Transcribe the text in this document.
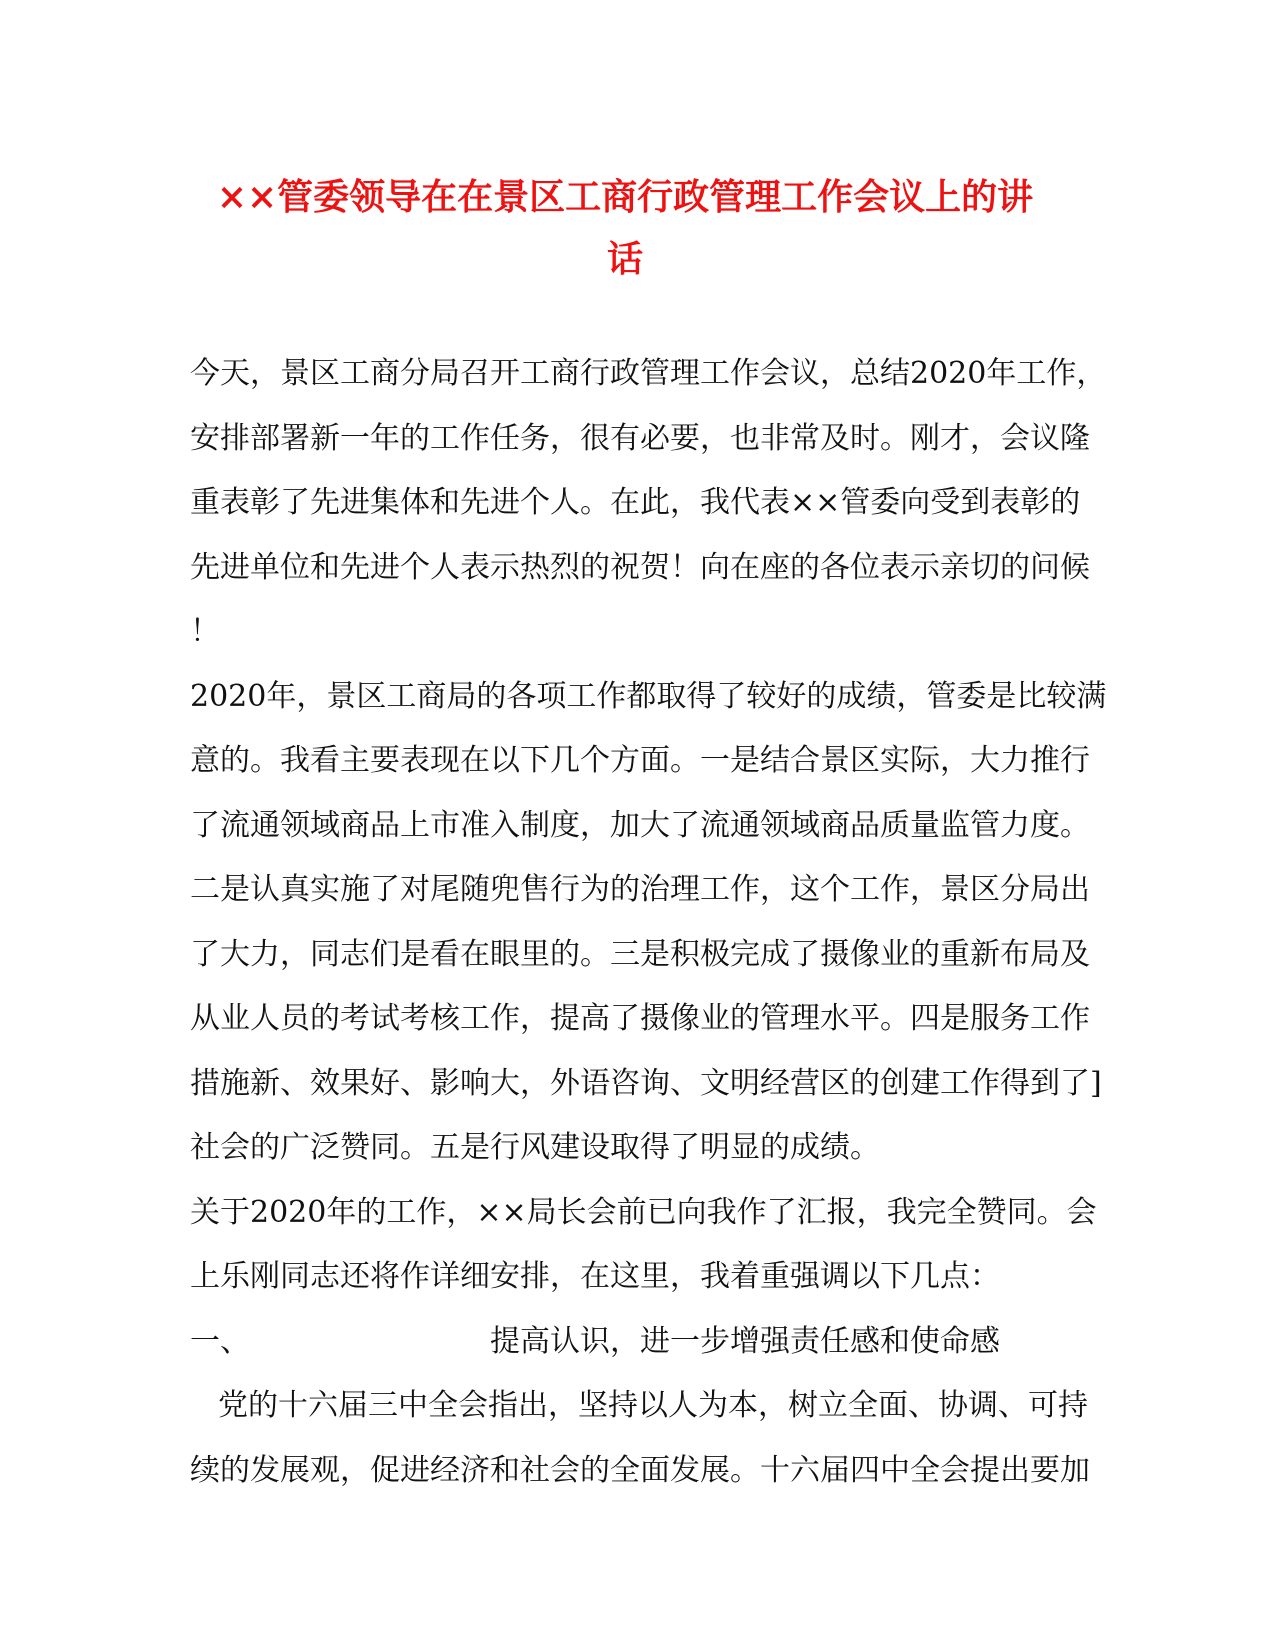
××管委领导在在景区工商行政管理工作会议上的讲
话
今天，景区工商分局召开工商行政管理工作会议，总结2020年工作，
安排部署新一年的工作任务，很有必要，也非常及时。刚才，会议隆
重表彰了先进集体和先进个人。在此，我代表××管委向受到表彰的
先进单位和先进个人表示热烈的祝贺！向在座的各位表示亲切的问候
！
2020年，景区工商局的各项工作都取得了较好的成绩，管委是比较满
意的。我看主要表现在以下几个方面。一是结合景区实际，大力推行
了流通领域商品上市准入制度，加大了流通领域商品质量监管力度。
二是认真实施了对尾随兜售行为的治理工作，这个工作，景区分局出
了大力，同志们是看在眼里的。三是积极完成了摄像业的重新布局及
从业人员的考试考核工作，提高了摄像业的管理水平。四是服务工作
措施新、效果好、影响大，外语咨询、文明经营区的创建工作得到了]
社会的广泛赞同。五是行风建设取得了明显的成绩。
关于2020年的工作，××局长会前已向我作了汇报，我完全赞同。会
上乐刚同志还将作详细安排，在这里，我着重强调以下几点：
一、	提高认识，进一步增强责任感和使命感
党的十六届三中全会指出，坚持以人为本，树立全面、协调、可持
续的发展观，促进经济和社会的全面发展。十六届四中全会提出要加
